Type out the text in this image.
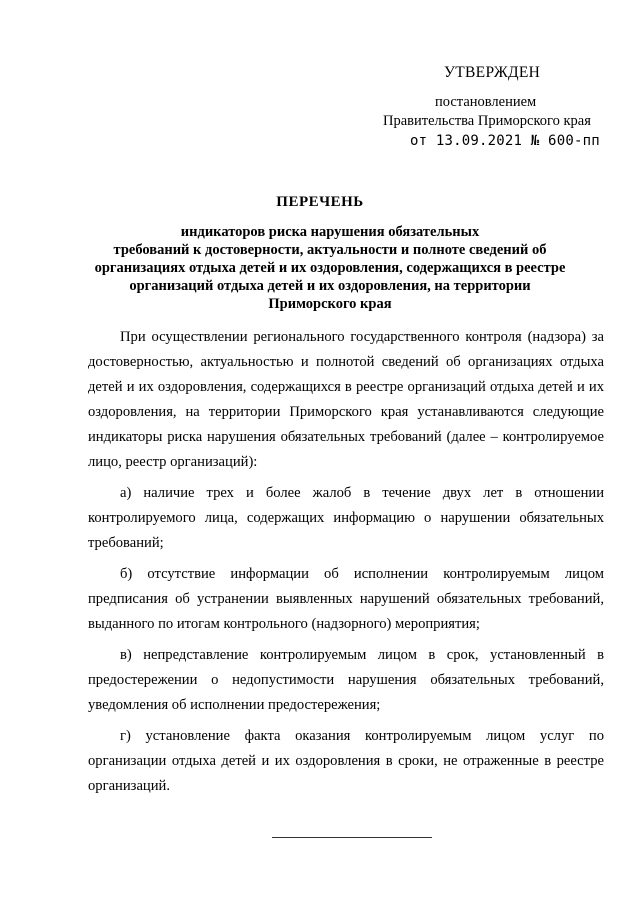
УТВЕРЖДЕН
постановлением
Правительства Приморского края
от 13.09.2021 № 600-пп
ПЕРЕЧЕНЬ
индикаторов риска нарушения обязательных
требований к достоверности, актуальности и полноте сведений об
организациях отдыха детей и их оздоровления, содержащихся в реестре
организаций отдыха детей и их оздоровления, на территории
Приморского края

При осуществлении регионального государственного контроля (надзора) за достоверностью, актуальностью и полнотой сведений об организациях отдыха детей и их оздоровления, содержащихся в реестре организаций отдыха детей и их оздоровления, на территории Приморского края устанавливаются следующие индикаторы риска нарушения обязательных требований (далее – контролируемое лицо, реестр организаций):

а) наличие трех и более жалоб в течение двух лет в отношении контролируемого лица, содержащих информацию о нарушении обязательных требований;

б) отсутствие информации об исполнении контролируемым лицом предписания об устранении выявленных нарушений обязательных требований, выданного по итогам контрольного (надзорного) мероприятия;

в) непредставление контролируемым лицом в срок, установленный в предостережении о недопустимости нарушения обязательных требований, уведомления об исполнении предостережения;

г) установление факта оказания контролируемым лицом услуг по организации отдыха детей и их оздоровления в сроки, не отраженные в реестре организаций.
